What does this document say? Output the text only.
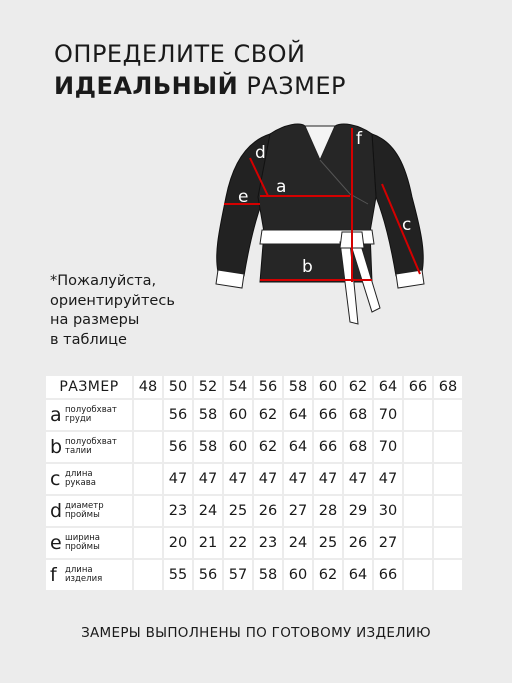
ОПРЕДЕЛИТЕ СВОЙ
ИДЕАЛЬНЫЙ РАЗМЕР
*Пожалуйста,
ориентируйтесь
на размеры
в таблице
a
b
c
d
e
f
РАЗМЕР	48	50	52	54	56	58	60	62	64	66	68

a полуобхват
груди		56	58	60	62	64	66	68	70		

b полуобхват
талии		56	58	60	62	64	66	68	70		

c длина
рукава		47	47	47	47	47	47	47	47		

d диаметр
проймы		23	24	25	26	27	28	29	30		

e ширина
проймы		20	21	22	23	24	25	26	27		

f длина
изделия		55	56	57	58	60	62	64	66		
ЗАМЕРЫ ВЫПОЛНЕНЫ ПО ГОТОВОМУ ИЗДЕЛИЮ
